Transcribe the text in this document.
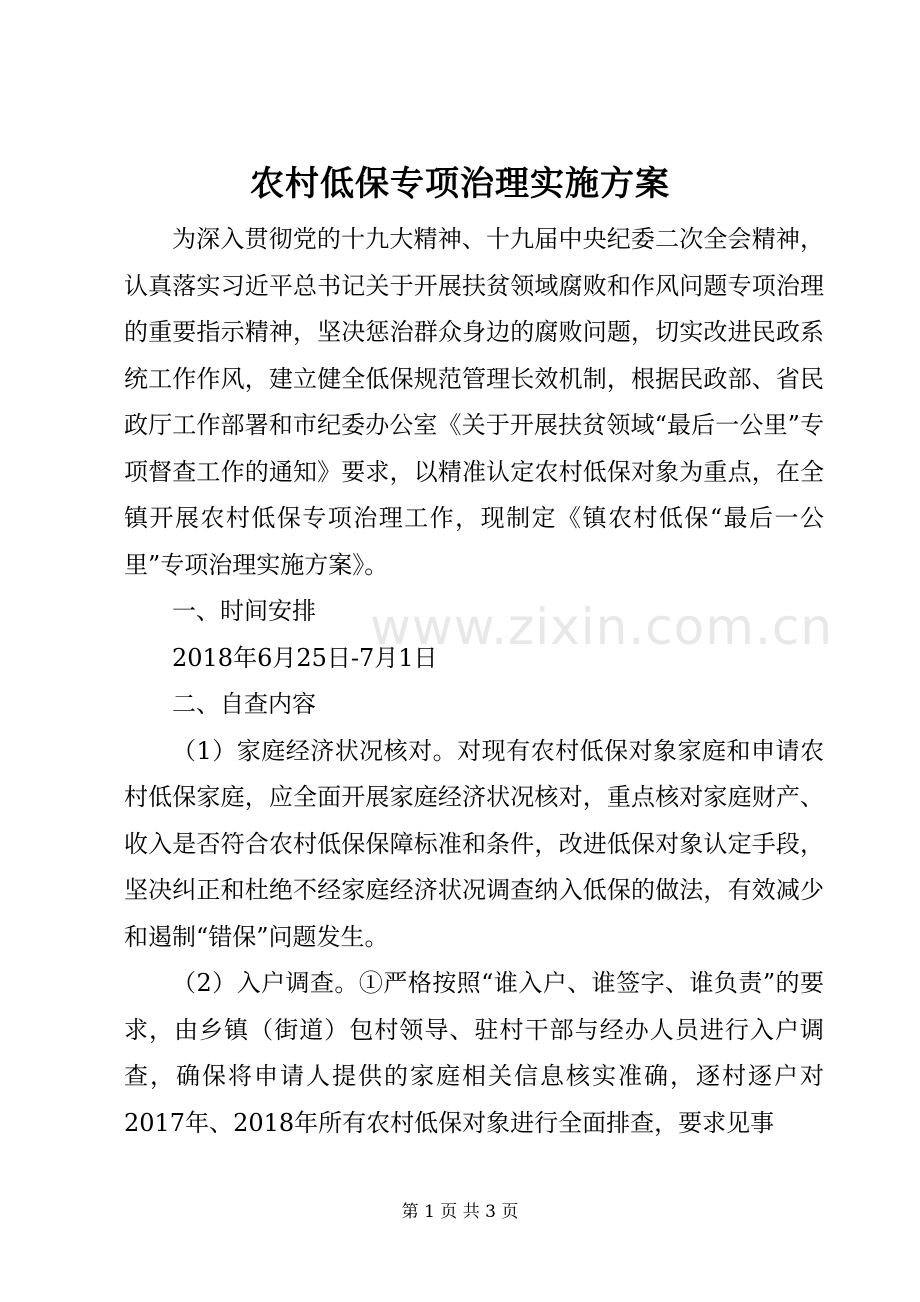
农村低保专项治理实施方案

为深入贯彻党的十九大精神、十九届中央纪委二次全会精神，认真落实习近平总书记关于开展扶贫领域腐败和作风问题专项治理的重要指示精神，坚决惩治群众身边的腐败问题，切实改进民政系统工作作风，建立健全低保规范管理长效机制，根据民政部、省民政厅工作部署和市纪委办公室《关于开展扶贫领域“最后一公里”专项督查工作的通知》要求，以精准认定农村低保对象为重点，在全镇开展农村低保专项治理工作，现制定《镇农村低保“最后一公里”专项治理实施方案》。

一、时间安排

2018年6月25日-7月1日

二、自查内容

（1）家庭经济状况核对。对现有农村低保对象家庭和申请农村低保家庭，应全面开展家庭经济状况核对，重点核对家庭财产、收入是否符合农村低保保障标准和条件，改进低保对象认定手段，坚决纠正和杜绝不经家庭经济状况调查纳入低保的做法，有效减少和遏制“错保”问题发生。

（2）入户调查。①严格按照“谁入户、谁签字、谁负责”的要求，由乡镇（街道）包村领导、驻村干部与经办人员进行入户调查，确保将申请人提供的家庭相关信息核实准确，逐村逐户对2017年、2018年所有农村低保对象进行全面排查，要求见事

www.zixin.com.cn
第 1 页 共 3 页
